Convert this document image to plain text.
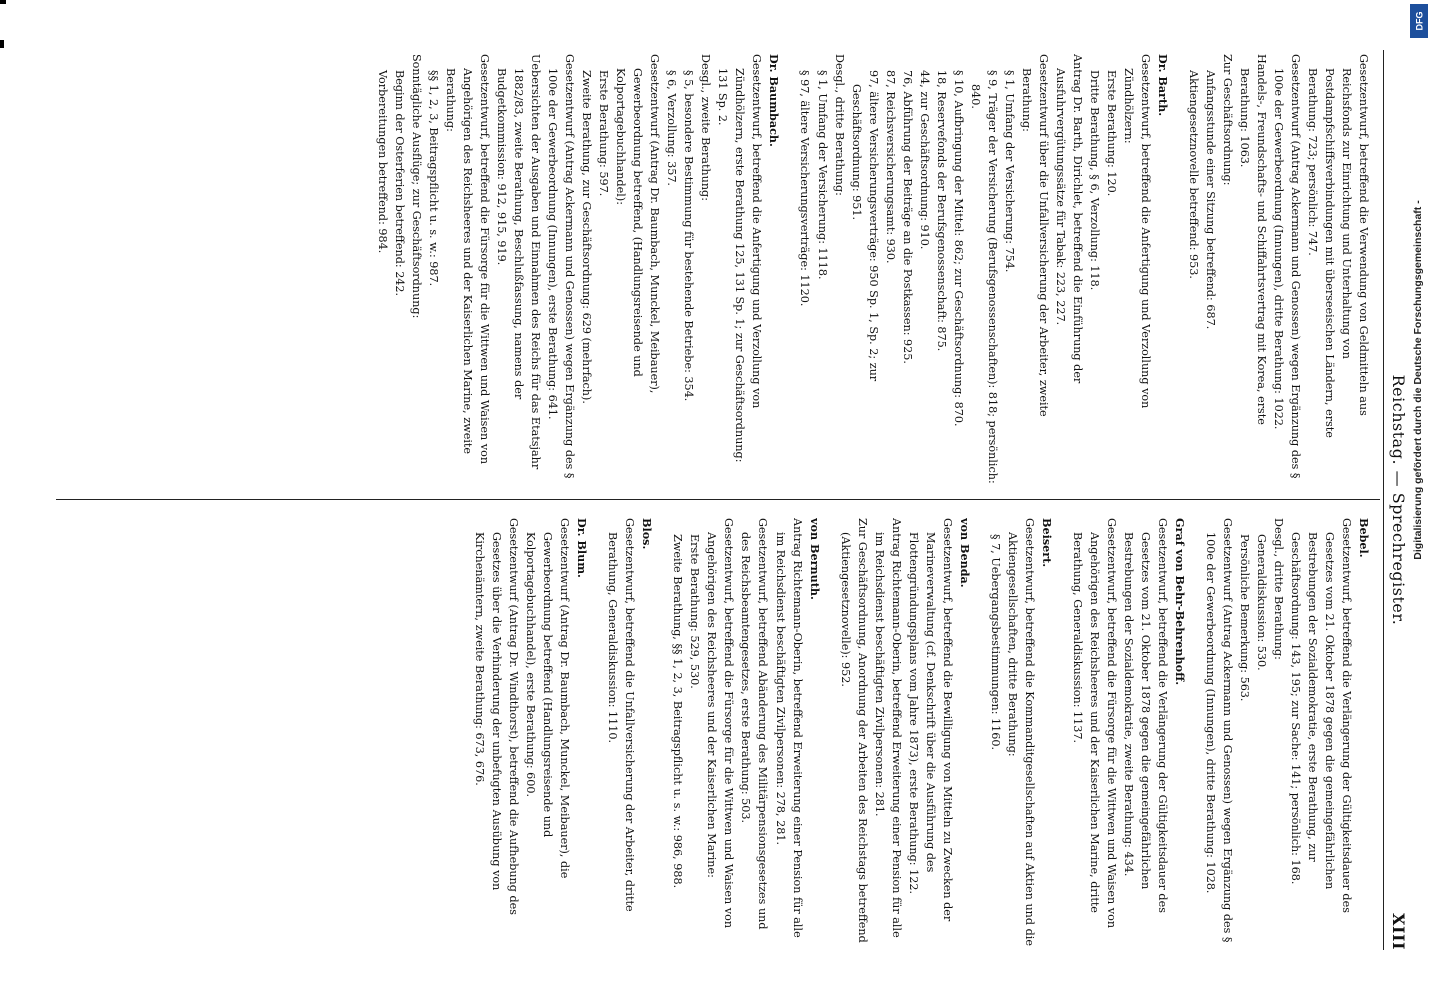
Reichstag. — Sprechregister.
XIII
Gesetzentwurf, betreffend die Verwendung von Geldmitteln aus Reichsfonds zur Einrichtung und Unterhaltung von Postdampfschiffsverbindungen mit überseeischen Ländern, erste Berathung: 723; persönlich: 747.
Gesetzentwurf (Antrag Ackermann und Genossen) wegen Ergänzung des § 100e der Gewerbeordnung (Innungen), dritte Berathung: 1022.
Handels-, Freundschafts- und Schiffahrtsvertrag mit Korea, erste Berathung: 1063.
Zur Geschäftsordnung:
Anfangsstunde einer Sitzung betreffend: 687.
Aktiengesetznovelle betreffend: 953.
Dr. Barth.
Gesetzentwurf, betreffend die Anfertigung und Verzollung von Zündhölzern:
Erste Berathung: 120.
Dritte Berathung, § 6, Verzollung: 118.
Antrag Dr. Barth, Dirichlet, betreffend die Einführung der Ausfuhrvergütungssätze für Tabak: 223, 227.
Gesetzentwurf über die Unfallversicherung der Arbeiter, zweite Berathung:
§ 1, Umfang der Versicherung: 754.
§ 9, Träger der Versicherung (Berufsgenossenschaften): 818; persönlich: 840.
§ 10, Aufbringung der Mittel: 862; zur Geschäftsordnung: 870.
18, Reservefonds der Berufsgenossenschaft: 875.
44, zur Geschäftsordnung: 910.
76, Abführung der Beiträge an die Postkassen: 925.
87, Reichsversicherungsamt: 930.
97, ältere Versicherungsverträge: 950 Sp. 1, Sp. 2; zur Geschäftsordnung: 951.
Desgl., dritte Berathung:
§ 1, Umfang der Versicherung: 1118.
§ 97, ältere Versicherungsverträge: 1120.
Dr. Baumbach.
Gesetzentwurf, betreffend die Anfertigung und Verzollung von Zündhölzern, erste Berathung 125, 131 Sp. 1; zur Geschäftsordnung: 131 Sp. 2.
Desgl., zweite Berathung:
§ 5, besondere Bestimmung für bestehende Betriebe: 354.
§ 6, Verzollung: 357.
Gesetzentwurf (Antrag Dr. Baumbach, Munckel, Meibauer), Gewerbeordnung betreffend, (Handlungsreisende und Kolportagebuchhandel):
Erste Berathung: 597.
Zweite Berathung, zur Geschäftsordnung: 629 (mehrfach).
Gesetzentwurf (Antrag Ackermann und Genossen) wegen Ergänzung des § 100e der Gewerbeordnung (Innungen), erste Berathung: 641.
Uebersichten der Ausgaben und Einnahmen des Reichs für das Etatsjahr 1882/83, zweite Berathung, Beschlußfassung, namens der Budgetkommission: 912, 915, 919.
Gesetzentwurf, betreffend die Fürsorge für die Wittwen und Waisen von Angehörigen des Reichsheeres und der Kaiserlichen Marine, zweite Berathung:
§§ 1, 2, 3, Beitragspflicht u. s. w.: 987.
Sonntägliche Ausflüge; zur Geschäftsordnung:
Beginn der Osterferien betreffend: 242.
Vorbereitungen betreffend: 984.
Bebel.
Gesetzentwurf, betreffend die Verlängerung der Gültigkeitsdauer des Gesetzes vom 21. Oktober 1878 gegen die gemeingefährlichen Bestrebungen der Sozialdemokratie, erste Berathung, zur Geschäftsordnung: 143, 195; zur Sache: 141; persönlich: 168.
Desgl., dritte Berathung:
Generaldiskussion: 530.
Persönliche Bemerkung: 563.
Gesetzentwurf (Antrag Ackermann und Genossen) wegen Ergänzung des § 100e der Gewerbeordnung (Innungen), dritte Berathung: 1028.
Graf von Behr-Behrenhoff.
Gesetzentwurf, betreffend die Verlängerung der Gültigkeitsdauer des Gesetzes vom 21. Oktober 1878 gegen die gemeingefährlichen Bestrebungen der Sozialdemokratie, zweite Berathung: 434.
Gesetzentwurf, betreffend die Fürsorge für die Wittwen und Waisen von Angehörigen des Reichsheeres und der Kaiserlichen Marine, dritte Berathung, Generaldiskussion: 1137.
Beisert.
Gesetzentwurf, betreffend die Kommanditgesellschaften auf Aktien und die Aktiengesellschaften, dritte Berathung:
§ 7, Uebergangsbestimmungen: 1160.
von Benda.
Gesetzentwurf, betreffend die Bewilligung von Mitteln zu Zwecken der Marineverwaltung (cf. Denkschrift über die Ausführung des Flottengründungsplans vom Jahre 1873), erste Berathung: 122.
Antrag Richtemann-Oberin, betreffend Erweiterung einer Pension für alle im Reichsdienst beschäftigten Zivilpersonen: 281.
Zur Geschäftsordnung, Anordnung der Arbeiten des Reichstags betreffend (Aktiengesetznovelle): 952.
von Bernuth.
Antrag Richtemann-Oberin, betreffend Erweiterung einer Pension für alle im Reichsdienst beschäftigten Zivilpersonen: 278, 281.
Gesetzentwurf, betreffend Abänderung des Militärpensionsgesetzes und des Reichsbeamtengesetzes, erste Berathung: 503.
Gesetzentwurf, betreffend die Fürsorge für die Wittwen und Waisen von Angehörigen des Reichsheeres und der Kaiserlichen Marine:
Erste Berathung: 529, 530.
Zweite Berathung, §§ 1, 2, 3, Beitragspflicht u. s. w.: 986, 988.
Blos.
Gesetzentwurf, betreffend die Unfallversicherung der Arbeiter, dritte Berathung, Generaldiskussion: 1110.
Dr. Blum.
Gesetzentwurf (Antrag Dr. Baumbach, Munckel, Meibauer), die Gewerbeordnung betreffend (Handlungsreisende und Kolportagebuchhandel), erste Berathung: 600.
Gesetzentwurf (Antrag Dr. Windthorst), betreffend die Aufhebung des Gesetzes über die Verhinderung der unbefugten Ausübung von Kirchenämtern, zweite Berathung: 673, 676.
Digitalisierung gefördert durch die Deutsche Forschungsgemeinschaft -
DFG
